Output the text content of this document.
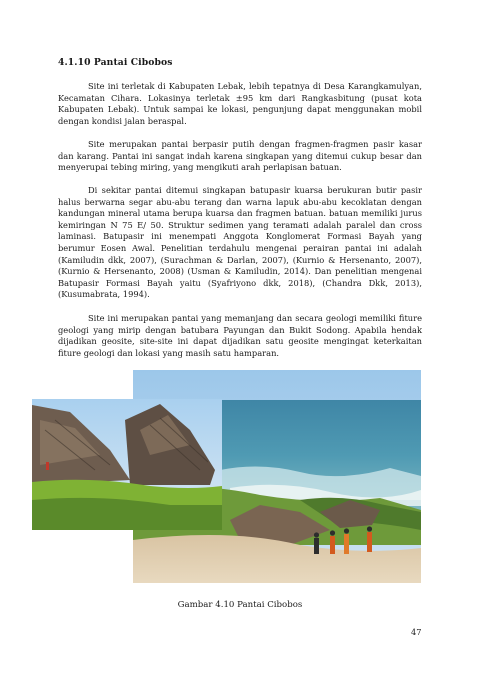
4.1.10 Pantai Cibobos

Site ini terletak di Kabupaten Lebak, lebih tepatnya di Desa Karangkamulyan, Kecamatan Cihara. Lokasinya terletak ±95 km dari Rangkasbitung (pusat kota Kabupaten Lebak). Untuk sampai ke lokasi, pengunjung dapat menggunakan mobil dengan kondisi jalan beraspal.

Site merupakan pantai berpasir putih dengan fragmen-fragmen pasir kasar dan karang. Pantai ini sangat indah karena singkapan yang ditemui cukup besar dan menyerupai tebing miring, yang mengikuti arah perlapisan batuan.

Di sekitar pantai ditemui singkapan batupasir kuarsa berukuran butir pasir halus berwarna segar abu-abu terang dan warna lapuk abu-abu kecoklatan dengan kandungan mineral utama berupa kuarsa dan fragmen batuan. batuan memiliki jurus kemiringan N 75 E/ 50. Struktur sedimen yang teramati adalah paralel dan cross laminasi. Batupasir ini menempati Anggota Konglomerat Formasi Bayah yang berumur Eosen Awal. Penelitian terdahulu mengenai perairan pantai ini adalah (Kamiludin dkk, 2007), (Surachman & Darlan, 2007), (Kurnio & Hersenanto, 2007), (Kurnio & Hersenanto, 2008) (Usman & Kamiludin, 2014). Dan penelitian mengenai Batupasir Formasi Bayah yaitu (Syafriyono dkk, 2018), (Chandra Dkk, 2013), (Kusumabrata, 1994).

Site ini merupakan pantai yang memanjang dan secara geologi memiliki fiture geologi yang mirip dengan batubara Payungan dan Bukit Sodong. Apabila hendak dijadikan geosite, site-site ini dapat dijadikan satu geosite mengingat keterkaitan fiture geologi dan lokasi yang masih satu hamparan.

Gambar 4.10 Pantai Cibobos
47
